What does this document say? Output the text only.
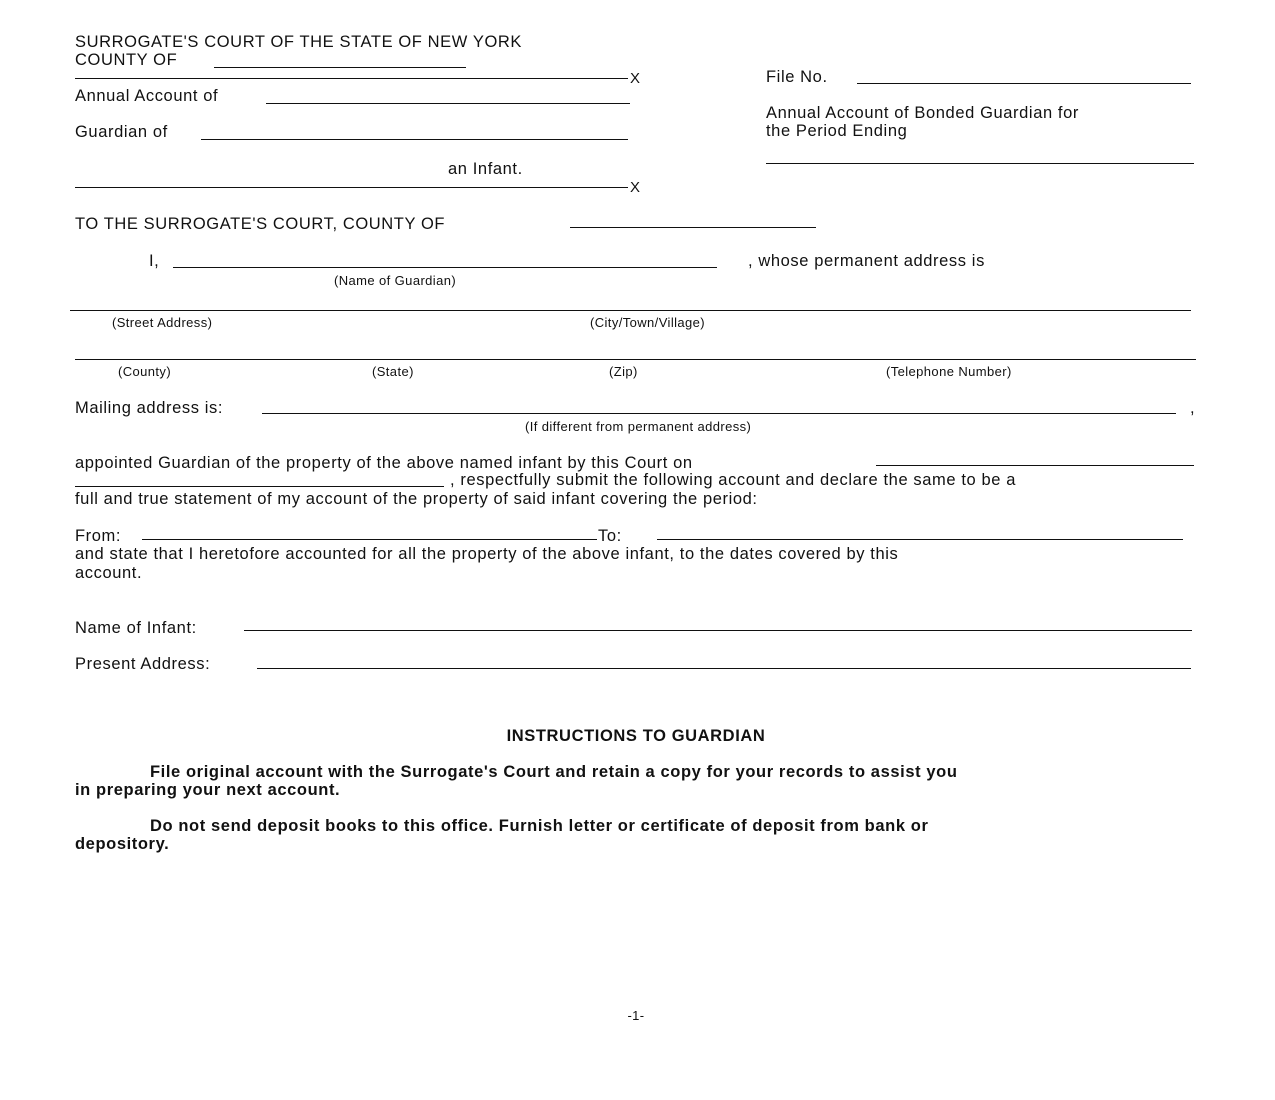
SURROGATE'S COURT OF THE STATE OF NEW YORK
COUNTY OF
X
Annual Account of
Guardian of
an Infant.
X
File No.
Annual Account of Bonded Guardian for
the Period Ending
TO THE SURROGATE'S COURT, COUNTY OF
I,	, whose permanent address is
(Name of Guardian)
(Street Address)	(City/Town/Village)
(County)	(State)	(Zip)	(Telephone Number)
Mailing address is:	,
(If different from permanent address)
appointed Guardian of the property of the above named infant by this Court on
, respectfully submit the following account and declare the same to be a
full and true statement of my account of the property of said infant covering the period:
From:	To:
and state that I heretofore accounted for all the property of the above infant, to the dates covered by this
account.
Name of Infant:
Present Address:
INSTRUCTIONS TO GUARDIAN
File original account with the Surrogate's Court and retain a copy for your records to assist you
in preparing your next account.
Do not send deposit books to this office. Furnish letter or certificate of deposit from bank or
depository.
-1-
